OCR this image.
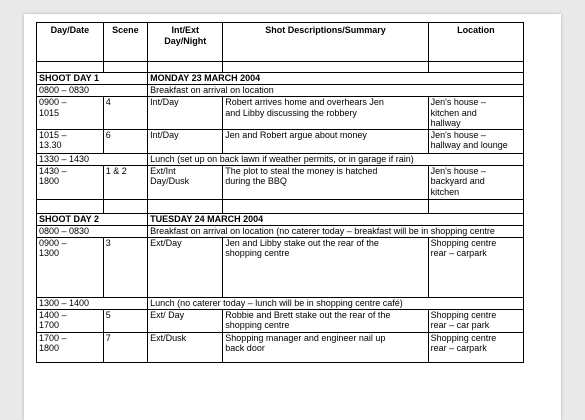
Day/Date	Scene	Int/Ext Day/Night	Shot Descriptions/Summary	Location

SHOOT DAY 1		MONDAY 23 MARCH 2004		
0800 – 0830		Breakfast on arrival on location		

0900 –
1015	4	Int/Day	Robert arrives home and overhears Jen
and Libby discussing the robbery	Jen's house –
kitchen and
hallway

1015 –
13.30	6	Int/Day	Jen and Robert argue about money	Jen's house –
hallway and lounge

1330 – 1430		Lunch (set up on back lawn if weather permits, or in garage if rain)		

1430 –
1800	1 & 2	Ext/Int
Day/Dusk	The plot to steal the money is hatched
during the BBQ	Jen's house –
backyard and
kitchen

SHOOT DAY 2		TUESDAY 24 MARCH 2004		
0800 – 0830		Breakfast on arrival on location (no caterer today – breakfast will be in shopping centre		

0900 –
1300	3	Ext/Day	Jen and Libby stake out the rear of the
shopping centre	Shopping centre
rear – carpark

1300 – 1400		Lunch (no caterer today – lunch will be in shopping centre café)		

1400 –
1700	5	Ext/ Day	Robbie and Brett stake out the rear of the
shopping centre	Shopping centre
rear – car park

1700 –
1800	7	Ext/Dusk	Shopping manager and engineer nail up
back door	Shopping centre
rear – carpark
